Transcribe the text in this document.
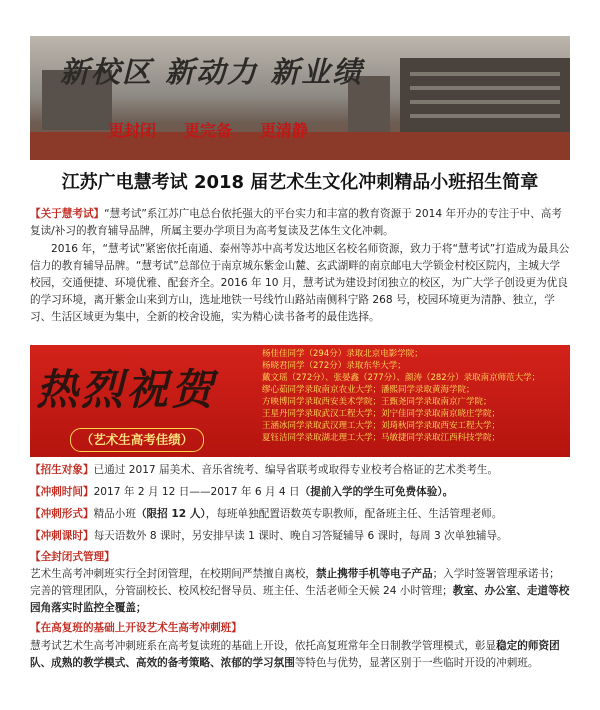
新校区 新动力 新业绩
更封闭 更完备 更清静
江苏广电慧考试 2018 届艺术生文化冲刺精品小班招生简章
【关于慧考试】“慧考试”系江苏广电总台依托强大的平台实力和丰富的教育资源于 2014 年开办的专注于中、高考复读/补习的教育辅导品牌，所属主要办学项目为高考复读及艺体生文化冲刺。
2016 年，“慧考试”紧密依托南通、泰州等苏中高考发达地区名校名师资源，致力于将“慧考试”打造成为最具公信力的教育辅导品牌。“慧考试”总部位于南京城东紫金山麓、玄武湖畔的南京邮电大学锁金村校区院内，主城大学校园，交通便捷、环境优雅、配套齐全。2016 年 10 月，慧考试为建设封闭独立的校区，为广大学子创设更为优良的学习环境，离开紫金山来到方山，选址地铁一号线竹山路站南侧科宁路 268 号，校园环境更为清静、独立，学习、生活区域更为集中，全新的校舍设施，实为精心读书备考的最佳选择。
热烈祝贺
（艺术生高考佳绩）
杨佳佳同学（294分）录取北京电影学院；
杨晓君同学（272分）录取东华大学；
戴文瑶（272分）、张晏鑫（277分）、颜涛（282分）录取南京师范大学；
缪心茹同学录取南京农业大学；潘熙同学录取黄海学院；
方映博同学录取西安美术学院；王甄尧同学录取南京广学院；
王星丹同学录取武汉工程大学；刘宁佳同学录取南京晓庄学院；
王涵冰同学录取武汉理工大学；刘琦秋同学录取西安工程大学；
夏钰洁同学录取湖北理工大学；马敏捷同学录取江西科技学院；
【招生对象】已通过 2017 届美术、音乐省统考、编导省联考或取得专业校考合格证的艺术类考生。
【冲刺时间】2017 年 2 月 12 日——2017 年 6 月 4 日（提前入学的学生可免费体验）。
【冲刺形式】精品小班（限招 12 人），每班单独配置语数英专职教师，配备班主任、生活管理老师。
【冲刺课时】每天语数外 8 课时，另安排早读 1 课时、晚自习答疑辅导 6 课时，每周 3 次单独辅导。
【全封闭式管理】
艺术生高考冲刺班实行全封闭管理，在校期间严禁擅自离校，禁止携带手机等电子产品；入学时签署管理承诺书；完善的管理团队，分管副校长、校风校纪督导员、班主任、生活老师全天候 24 小时管理；教室、办公室、走道等校园角落实时监控全覆盖；
【在高复班的基础上开设艺术生高考冲刺班】
慧考试艺术生高考冲刺班系在高考复读班的基础上开设，依托高复班常年全日制教学管理模式，彰显稳定的师资团队、成熟的教学模式、高效的备考策略、浓郁的学习氛围等特色与优势，显著区别于一些临时开设的冲刺班。
